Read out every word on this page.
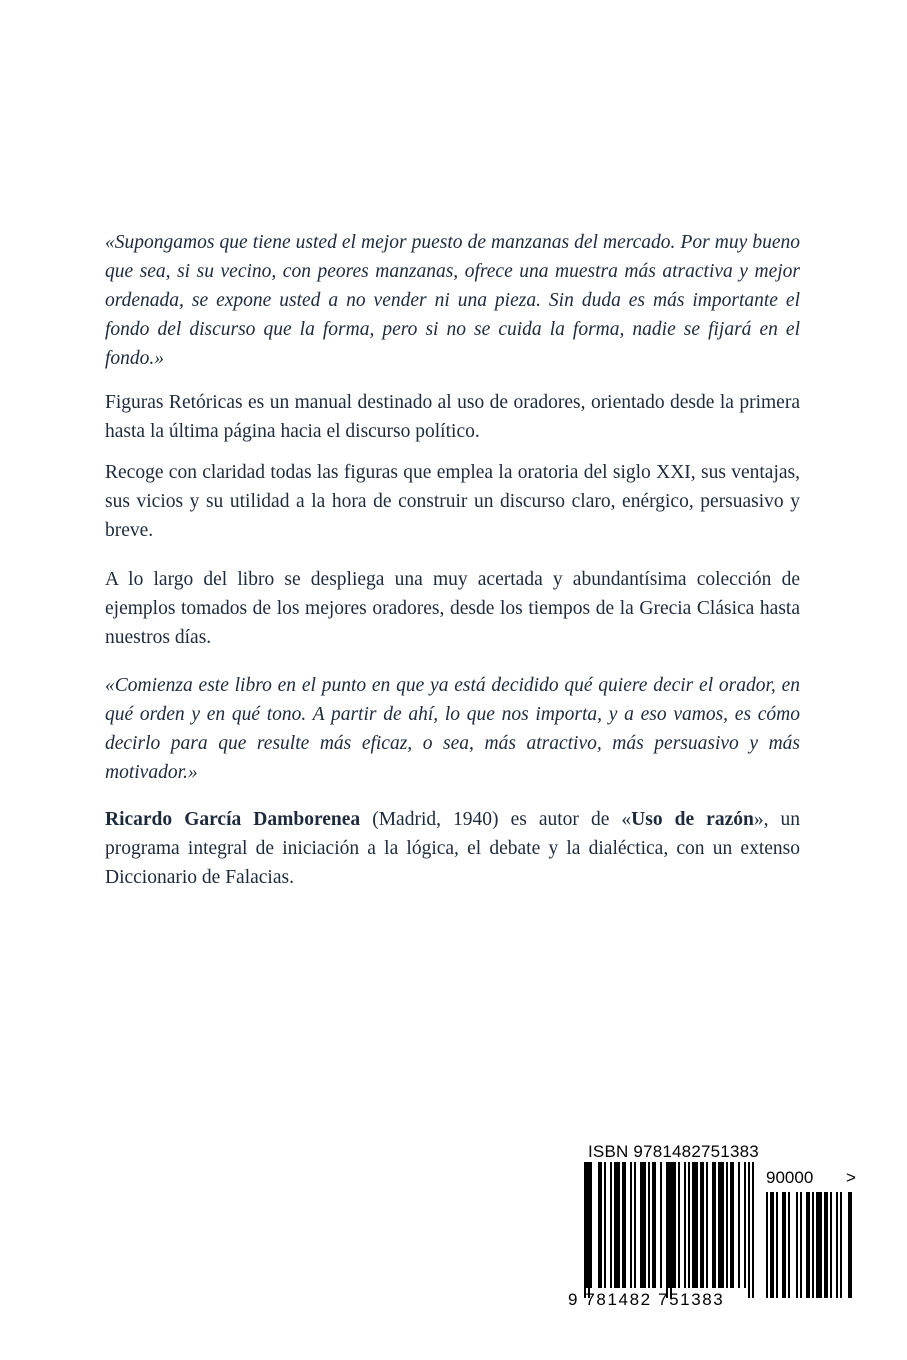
«Supongamos que tiene usted el mejor puesto de manzanas del mercado. Por muy bueno que sea, si su vecino, con peores manzanas, ofrece una muestra más atractiva y mejor ordenada, se expone usted a no vender ni una pieza. Sin duda es más importante el fondo del discurso que la forma, pero si no se cuida la forma, nadie se fijará en el fondo.»

Figuras Retóricas es un manual destinado al uso de oradores, orientado desde la primera hasta la última página hacia el discurso político.

Recoge con claridad todas las figuras que emplea la oratoria del siglo XXI, sus ventajas, sus vicios y su utilidad a la hora de construir un discurso claro, enérgico, persuasivo y breve.

A lo largo del libro se despliega una muy acertada y abundantísima colección de ejemplos tomados de los mejores oradores, desde los tiempos de la Grecia Clásica hasta nuestros días.

«Comienza este libro en el punto en que ya está decidido qué quiere decir el orador, en qué orden y en qué tono. A partir de ahí, lo que nos importa, y a eso vamos, es cómo decirlo para que resulte más eficaz, o sea, más atractivo, más persuasivo y más motivador.»

Ricardo García Damborenea (Madrid, 1940) es autor de «Uso de razón», un programa integral de iniciación a la lógica, el debate y la dialéctica, con un extenso Diccionario de Falacias.

ISBN 9781482751383
90000 >
9 781482 751383
